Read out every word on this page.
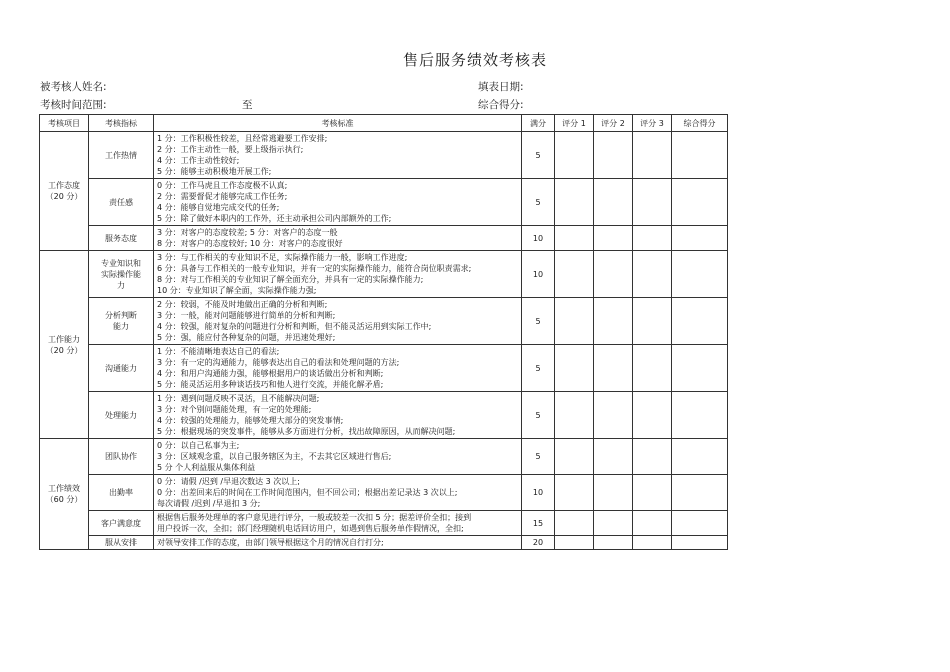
售后服务绩效考核表
被考核人姓名:	填表日期:
考核时间范围:	至	综合得分:
考核项目	考核指标	考核标准	满分	评分 1	评分 2	评分 3	综合得分

工作态度
（20 分）	工作热情	1 分：工作积极性较差，且经常逃避要工作安排;
2 分：工作主动性一般，要上级指示执行;
4 分：工作主动性较好;
5 分：能够主动积极地开展工作;	5				

	责任感	0 分：工作马虎且工作态度极不认真;
2 分：需要督促才能够完成工作任务;
4 分：能够自觉地完成交代的任务;
5 分：除了做好本职内的工作外，还主动承担公司内部额外的工作;	5				

	服务态度	3 分：对客户的态度较差; 5 分：对客户的态度一般
8 分：对客户的态度较好; 10 分：对客户的态度很好	10				

工作能力
（20 分）	专业知识和
实际操作能
力	3 分：与工作相关的专业知识不足，实际操作能力一般，影响工作进度;
6 分：具备与工作相关的一般专业知识，并有一定的实际操作能力，能符合岗位职责需求;
8 分：对与工作相关的专业知识了解全面充分，并具有一定的实际操作能力;
10 分：专业知识了解全面，实际操作能力强;	10				

	分析判断
能力	2 分：较弱，不能及时地做出正确的分析和判断;
3 分：一般，能对问题能够进行简单的分析和判断;
4 分：较强，能对复杂的问题进行分析和判断，但不能灵活运用到实际工作中;
5 分：强，能应付各种复杂的问题，并迅速处理好;	5				

	沟通能力	1 分：不能清晰地表达自己的看法;
3 分：有一定的沟通能力，能够表达出自己的看法和处理问题的方法;
4 分：和用户沟通能力强，能够根据用户的谈话做出分析和判断;
5 分：能灵活运用多种谈话技巧和他人进行交流，并能化解矛盾;	5				

	处理能力	1 分：遇到问题反映不灵活，且不能解决问题;
3 分：对个别问题能处理，有一定的处理能;
4 分：较强的处理能力，能够处理大部分的突发事情;
5 分：根据现场的突发事件，能够从多方面进行分析，找出故障原因，从而解决问题;	5				

工作绩效
（60 分）	团队协作	0 分：以自己私事为主;
3 分：区域观念重，以自己服务辖区为主，不去其它区域进行售后;
5 分 个人利益服从集体利益	5				

	出勤率	0 分：请假 /迟到 /早退次数达 3 次以上;
0 分：出差回来后的时间在工作时间范围内，但不回公司；根据出差记录达 3 次以上;
每次请假 /迟到 /早退扣 3 分;	10				

	客户满意度	根据售后服务处理单的客户意见进行评分，一般或较差一次扣 5 分；据差评价全扣；接到
用户投诉一次，全扣；部门经理随机电话回访用户，如遇到售后服务单作假情况，全扣;	15				

	服从安排	对领导安排工作的态度，由部门领导根据这个月的情况自行打分;	20				
